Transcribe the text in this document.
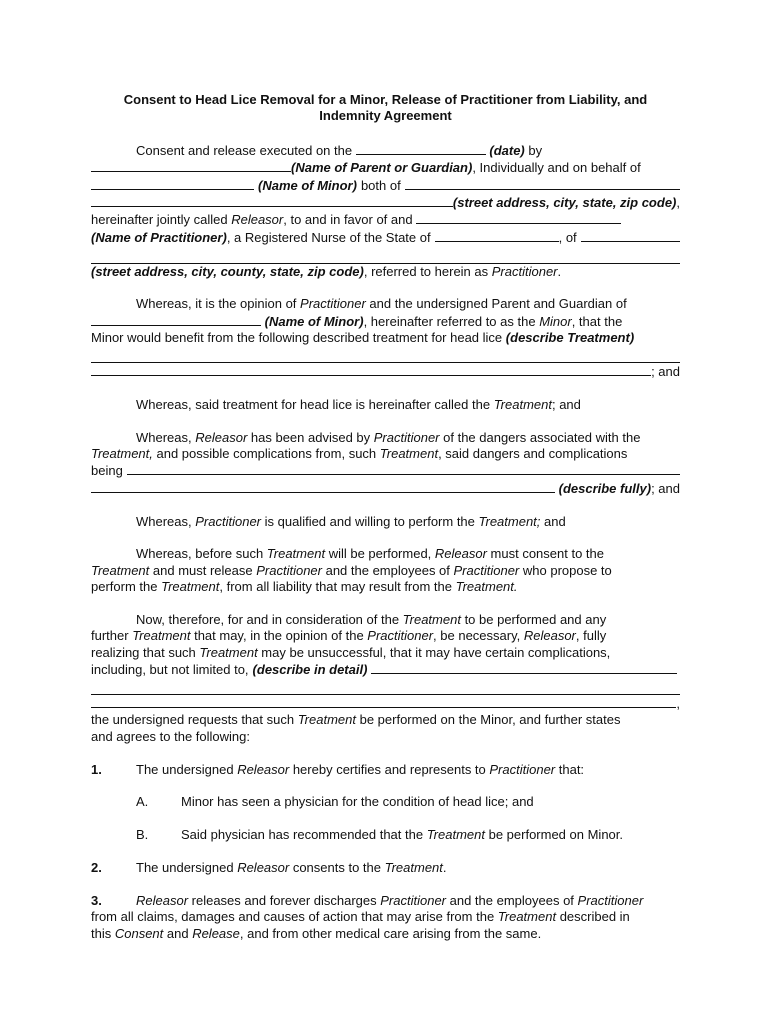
Consent to Head Lice Removal for a Minor, Release of Practitioner from Liability, and Indemnity Agreement
Consent and release executed on the	(date) by
(Name of Parent or Guardian), Individually and on behalf of
(Name of Minor) both of
(street address, city, state, zip code) ,
hereinafter jointly called Releasor, to and in favor of and
(Name of Practitioner) , a Registered Nurse of the State of	, of
(street address, city, county, state, zip code), referred to herein as Practitioner.
Whereas, it is the opinion of Practitioner and the undersigned Parent and Guardian of
(Name of Minor), hereinafter referred to as the Minor, that the
Minor would benefit from the following described treatment for head lice (describe Treatment)
; and

Whereas, said treatment for head lice is hereinafter called the Treatment; and

Whereas, Releasor has been advised by Practitioner of the dangers associated with the
Treatment, and possible complications from, such Treatment, said dangers and complications
being
(describe fully) ; and

Whereas, Practitioner is qualified and willing to perform the Treatment; and

Whereas, before such Treatment will be performed, Releasor must consent to the
Treatment and must release Practitioner and the employees of Practitioner who propose to
perform the Treatment, from all liability that may result from the Treatment.
Now, therefore, for and in consideration of the Treatment to be performed and any
further Treatment that may, in the opinion of the Practitioner, be necessary, Releasor, fully
realizing that such Treatment may be unsuccessful, that it may have certain complications,
including, but not limited to, (describe in detail)
,
the undersigned requests that such Treatment be performed on the Minor, and further states
and agrees to the following:

1.	The undersigned Releasor hereby certifies and represents to Practitioner that:

A.	Minor has seen a physician for the condition of head lice; and

B.	Said physician has recommended that the Treatment be performed on Minor.

2.	The undersigned Releasor consents to the Treatment.

3.	Releasor releases and forever discharges Practitioner and the employees of Practitioner
from all claims, damages and causes of action that may arise from the Treatment described in
this Consent and Release, and from other medical care arising from the same.
